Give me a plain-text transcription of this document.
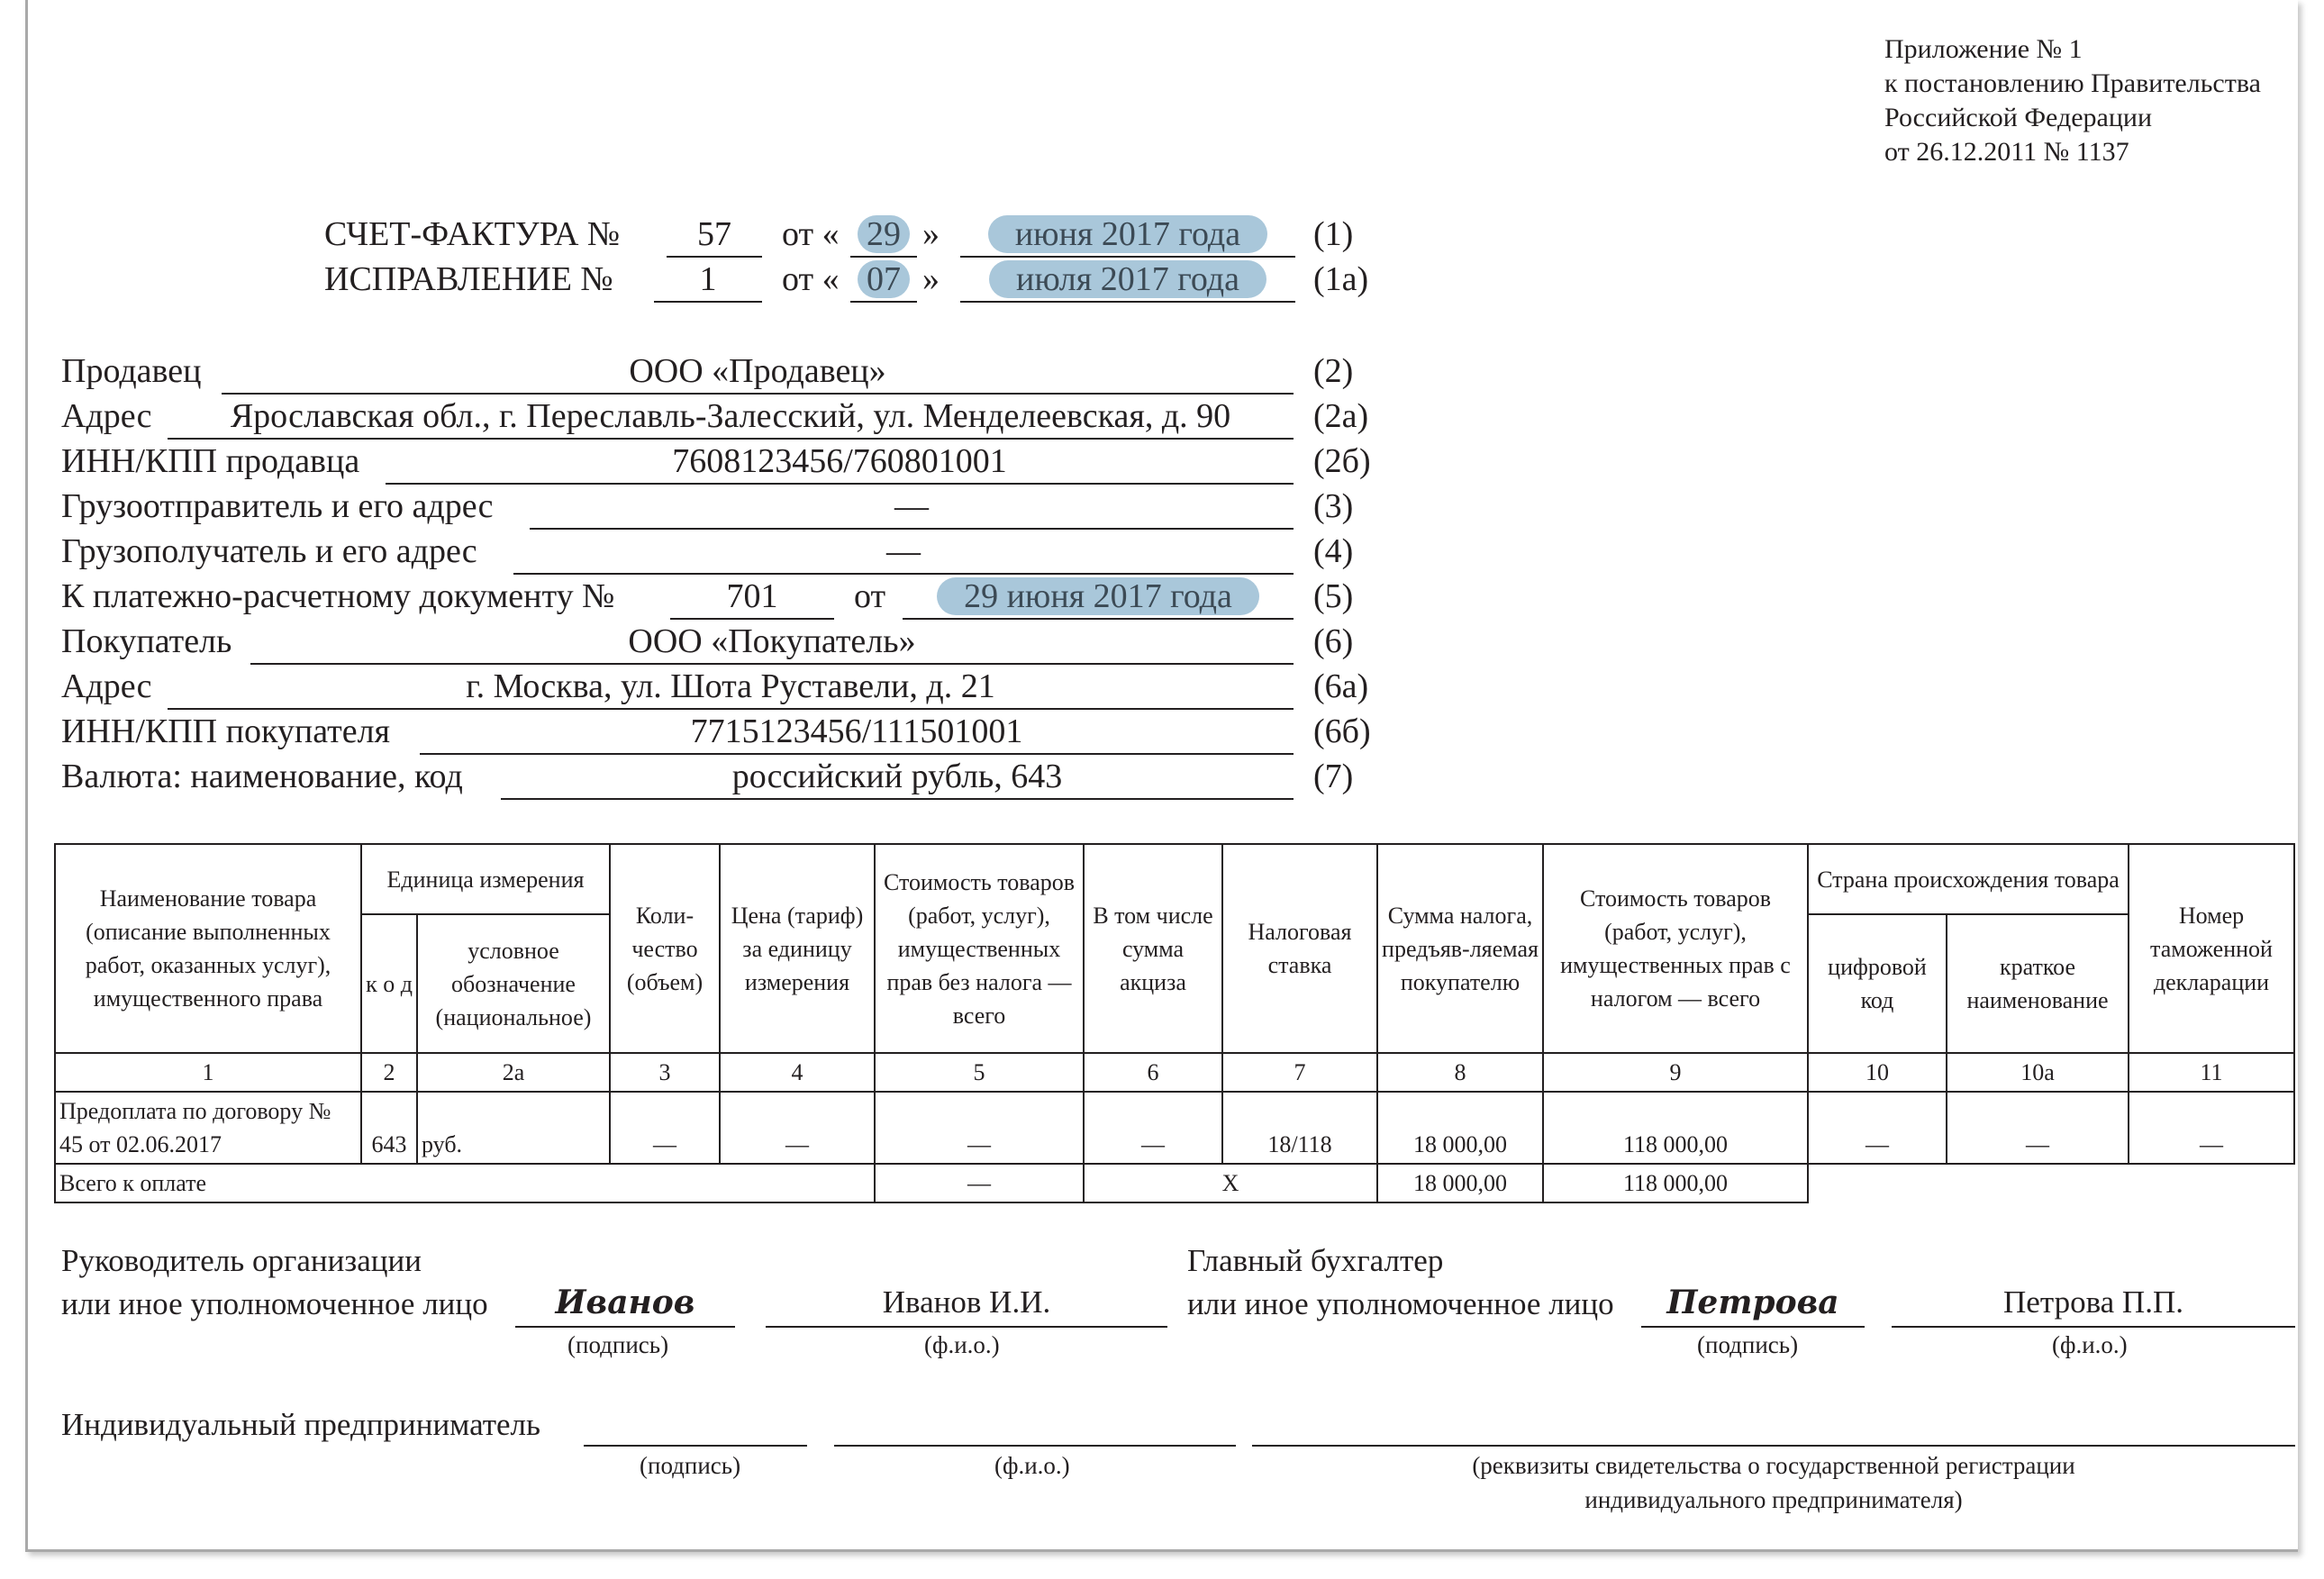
Приложение № 1
к постановлению Правительства
Российской Федерации
от 26.12.2011 № 1137
СЧЕТ-ФАКТУРА №	57	от « 29 »	июня 2017 года	(1)
ИСПРАВЛЕНИЕ №	1	от « 07 »	июля 2017 года	(1а)
Продавец	ООО «Продавец»	(2)
Адрес	Ярославская обл., г. Переславль-Залесский, ул. Менделеевская, д. 90	(2а)
ИНН/КПП продавца	7608123456/760801001	(2б)
Грузоотправитель и его адрес	—	(3)
Грузополучатель и его адрес	—	(4)
К платежно-расчетному документу №	701	от	29 июня 2017 года	(5)
Покупатель	ООО «Покупатель»	(6)
Адрес	г. Москва, ул. Шота Руставели, д. 21	(6а)
ИНН/КПП покупателя	7715123456/111501001	(6б)
Валюта: наименование, код	российский рубль, 643	(7)
Наименование товара (описание выполненных работ, оказанных услуг), имущественного права	Единица измерения		Коли-чество (объем)	Цена (тариф) за единицу измерения	Стоимость товаров (работ, услуг), имущественных прав без налога — всего	В том числе сумма акциза	Налоговая ставка	Сумма налога, предъяв-ляемая покупателю	Стоимость товаров (работ, услуг), имущественных прав с налогом — всего	Страна происхождения товара		Номер таможенной декларации
	к о д	условное обозначение (национальное)								цифровой код	краткое наименование	
1	2	2а	3	4	5	6	7	8	9	10	10а	11
Предоплата по договору № 45 от 02.06.2017	643	руб.	—	—	—	—	18/118	18 000,00	118 000,00	—	—	—
Всего к оплате					—	X		18 000,00	118 000,00			
Руководитель организации
или иное уполномоченное лицо	Иванов	Иванов И.И.
(подпись)	(ф.и.о.)
Главный бухгалтер
или иное уполномоченное лицо	Петрова	Петрова П.П.
(подпись)	(ф.и.о.)
Индивидуальный предприниматель
(подпись)	(ф.и.о.)	(реквизиты свидетельства о государственной регистрации
индивидуального предпринимателя)
